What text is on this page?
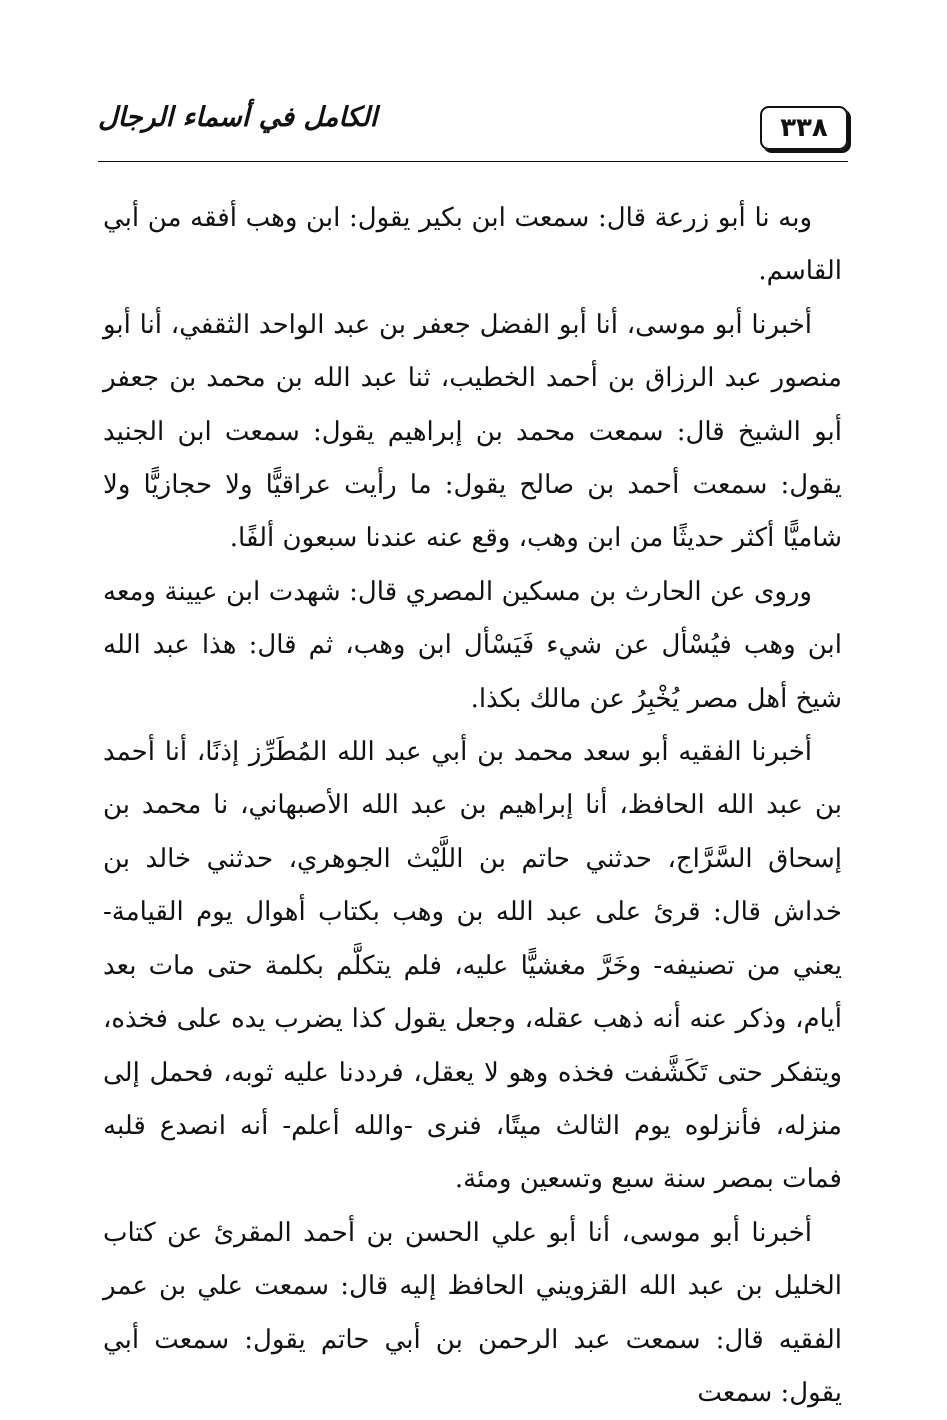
الكامل في أسماء الرجال	٣٣٨

وبه نا أبو زرعة قال: سمعت ابن بكير يقول: ابن وهب أفقه من أبي القاسم.

أخبرنا أبو موسى، أنا أبو الفضل جعفر بن عبد الواحد الثقفي، أنا أبو منصور عبد الرزاق بن أحمد الخطيب، ثنا عبد الله بن محمد بن جعفر أبو الشيخ قال: سمعت محمد بن إبراهيم يقول: سمعت ابن الجنيد يقول: سمعت أحمد بن صالح يقول: ما رأيت عراقيًّا ولا حجازيًّا ولا شاميًّا أكثر حديثًا من ابن وهب، وقع عنه عندنا سبعون ألفًا.

وروى عن الحارث بن مسكين المصري قال: شهدت ابن عيينة ومعه ابن وهب فيُسْأل عن شيء فَيَسْأل ابن وهب، ثم قال: هذا عبد الله شيخ أهل مصر يُخْبِرُ عن مالك بكذا.

أخبرنا الفقيه أبو سعد محمد بن أبي عبد الله المُطَرِّز إذنًا، أنا أحمد بن عبد الله الحافظ، أنا إبراهيم بن عبد الله الأصبهاني، نا محمد بن إسحاق السَّرَّاج، حدثني حاتم بن اللَّيْث الجوهري، حدثني خالد بن خداش قال: قرئ على عبد الله بن وهب بكتاب أهوال يوم القيامة- يعني من تصنيفه- وخَرَّ مغشيًّا عليه، فلم يتكلَّم بكلمة حتى مات بعد أيام، وذكر عنه أنه ذهب عقله، وجعل يقول كذا يضرب يده على فخذه، ويتفكر حتى تَكَشَّفت فخذه وهو لا يعقل، فرددنا عليه ثوبه، فحمل إلى منزله، فأنزلوه يوم الثالث ميتًا، فنرى -والله أعلم- أنه انصدع قلبه فمات بمصر سنة سبع وتسعين ومئة.

أخبرنا أبو موسى، أنا أبو علي الحسن بن أحمد المقرئ عن كتاب الخليل بن عبد الله القزويني الحافظ إليه قال: سمعت علي بن عمر الفقيه قال: سمعت عبد الرحمن بن أبي حاتم يقول: سمعت أبي يقول: سمعت
